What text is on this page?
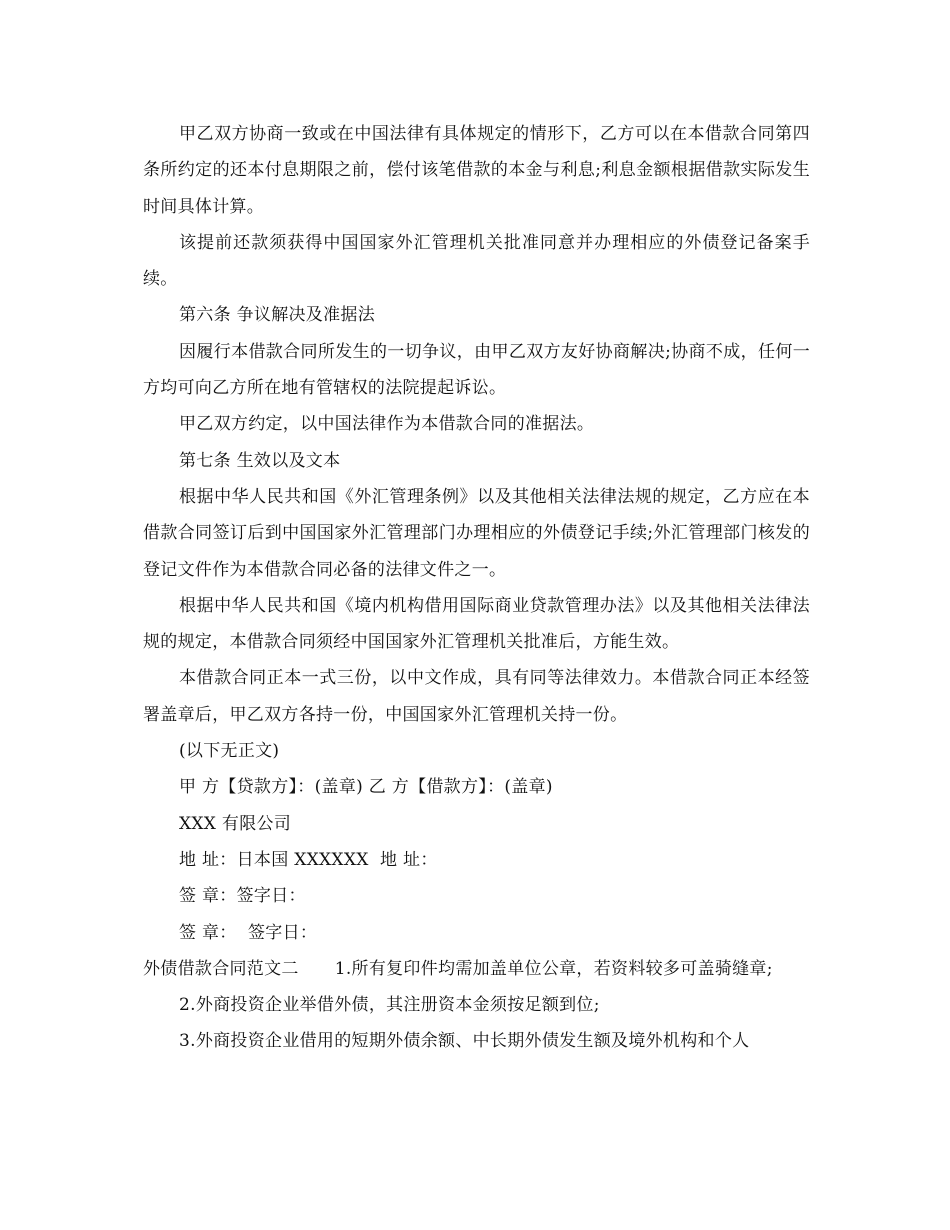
甲乙双方协商一致或在中国法律有具体规定的情形下，乙方可以在本借款合同第四条所约定的还本付息期限之前，偿付该笔借款的本金与利息;利息金额根据借款实际发生时间具体计算。

该提前还款须获得中国国家外汇管理机关批准同意并办理相应的外债登记备案手续。

第六条 争议解决及准据法

因履行本借款合同所发生的一切争议，由甲乙双方友好协商解决;协商不成，任何一方均可向乙方所在地有管辖权的法院提起诉讼。

甲乙双方约定，以中国法律作为本借款合同的准据法。

第七条 生效以及文本

根据中华人民共和国《外汇管理条例》以及其他相关法律法规的规定，乙方应在本借款合同签订后到中国国家外汇管理部门办理相应的外债登记手续;外汇管理部门核发的登记文件作为本借款合同必备的法律文件之一。

根据中华人民共和国《境内机构借用国际商业贷款管理办法》以及其他相关法律法规的规定，本借款合同须经中国国家外汇管理机关批准后，方能生效。

本借款合同正本一式三份，以中文作成，具有同等法律效力。本借款合同正本经签署盖章后，甲乙双方各持一份，中国国家外汇管理机关持一份。

(以下无正文)

甲 方【贷款方】：(盖章) 乙 方【借款方】：(盖章)

XXX 有限公司

地 址：日本国 XXXXXX  地 址：

签 章：签字日：

签 章：  签字日：

外债借款合同范文二 1.所有复印件均需加盖单位公章，若资料较多可盖骑缝章;

2.外商投资企业举借外债，其注册资本金须按足额到位;

3.外商投资企业借用的短期外债余额、中长期外债发生额及境外机构和个人
